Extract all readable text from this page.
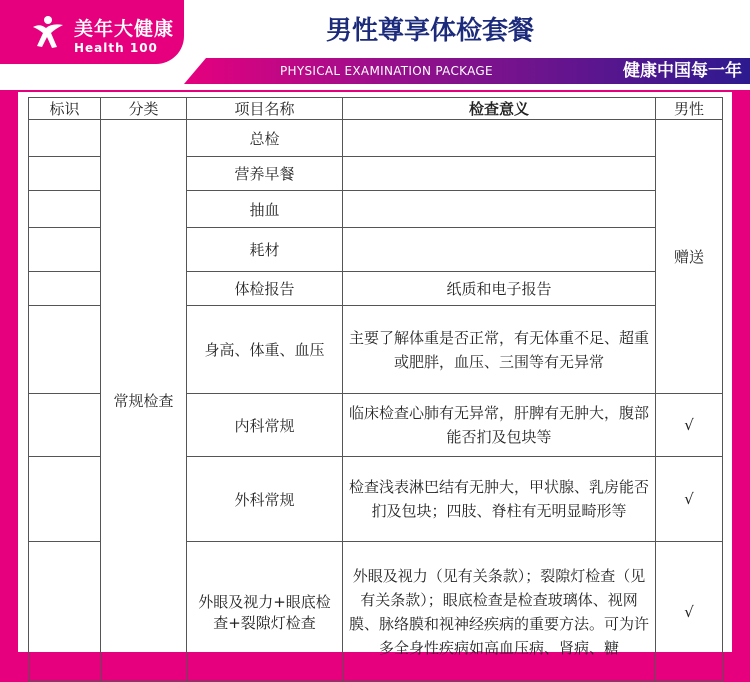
美年大健康
Health 100
男性尊享体检套餐
PHYSICAL EXAMINATION PACKAGE	健康中国每一年
标识	分类	项目名称	检查意义	男性
	常规检查	总检		赠送
		营养早餐		
		抽血		
		耗材		
		体检报告	纸质和电子报告	
		身高、体重、血压	主要了解体重是否正常，有无体重不足、超重或肥胖，血压、三围等有无异常	
		内科常规	临床检查心肺有无异常，肝脾有无肿大，腹部能否扪及包块等	√
		外科常规	检查浅表淋巴结有无肿大，甲状腺、乳房能否扪及包块；四肢、脊柱有无明显畸形等	√
		外眼及视力+眼底检查+裂隙灯检查	外眼及视力（见有关条款）；裂隙灯检查（见有关条款）；眼底检查是检查玻璃体、视网膜、脉络膜和视神经疾病的重要方法。可为许多全身性疾病如高血压病、肾病、糖	√
